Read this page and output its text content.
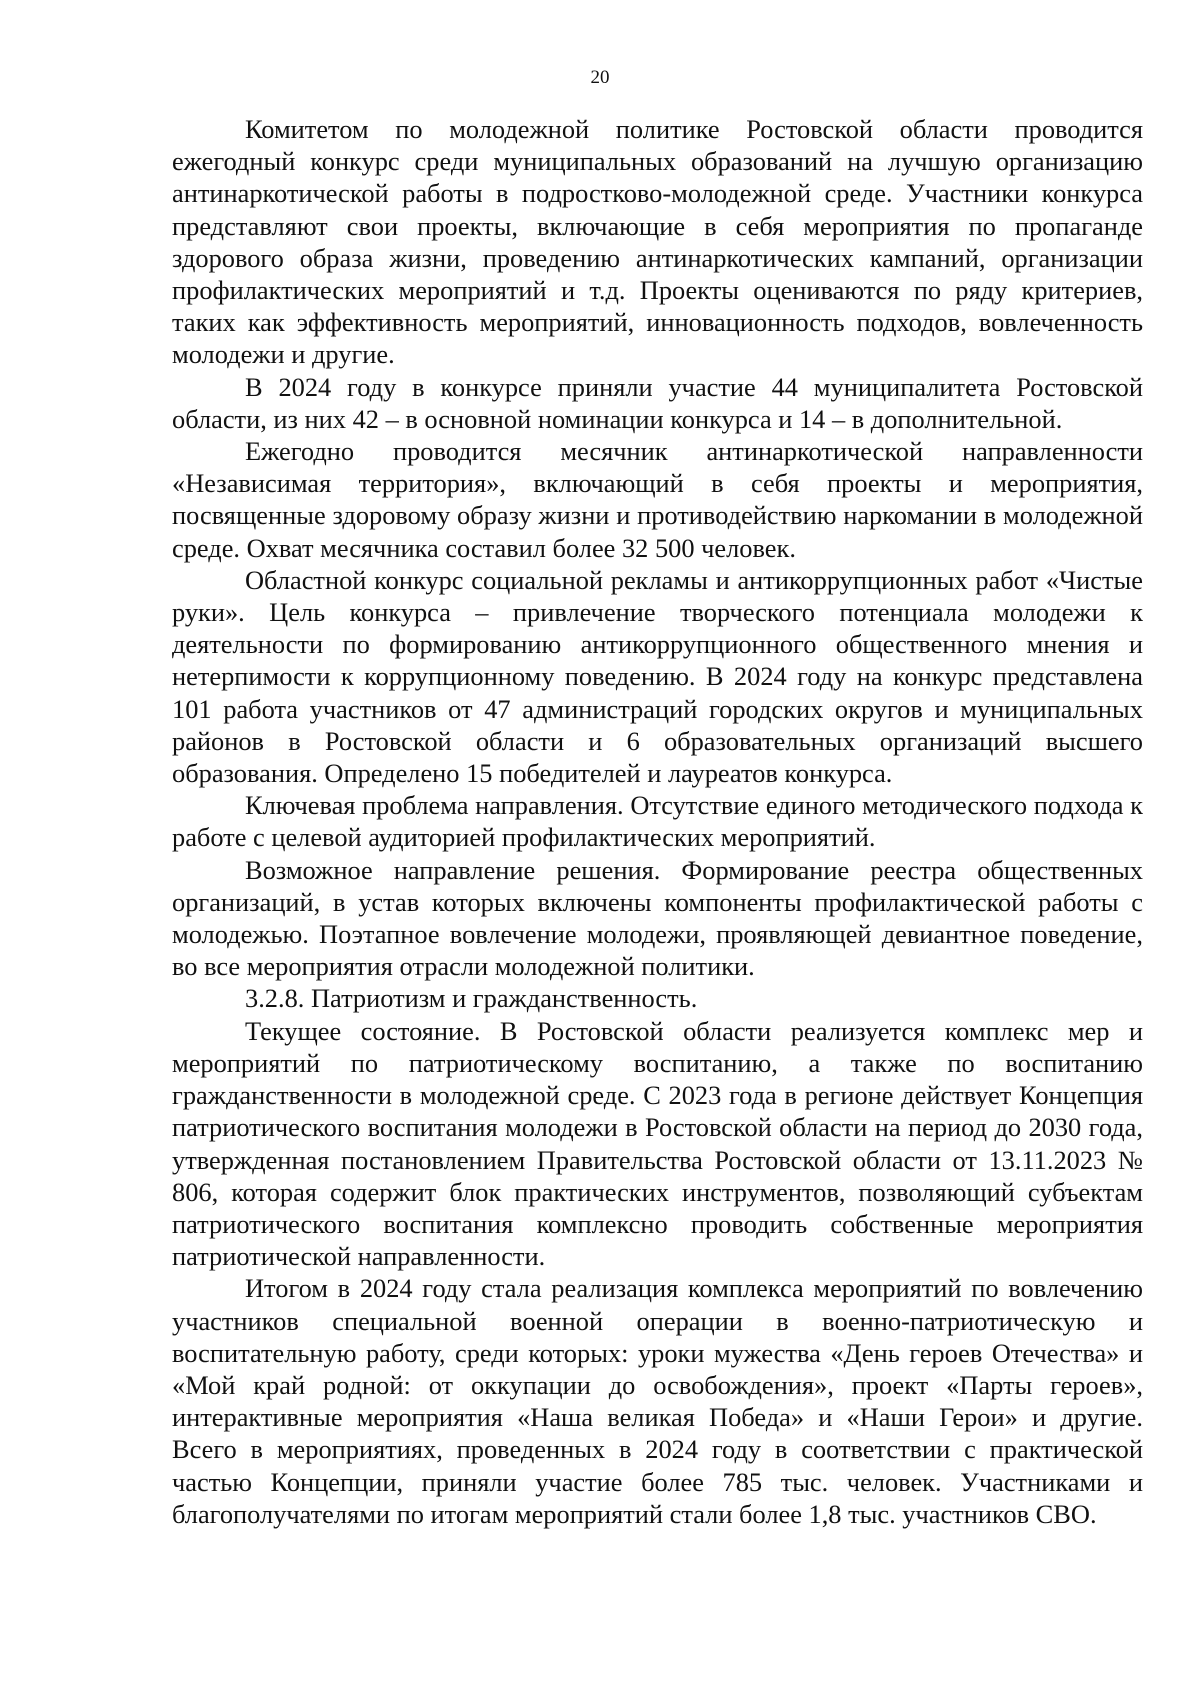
20

Комитетом по молодежной политике Ростовской области проводится ежегодный конкурс среди муниципальных образований на лучшую организацию антинаркотической работы в подростково-молодежной среде. Участники конкурса представляют свои проекты, включающие в себя мероприятия по пропаганде здорового образа жизни, проведению антинаркотических кампаний, организации профилактических мероприятий и т.д. Проекты оцениваются по ряду критериев, таких как эффективность мероприятий, инновационность подходов, вовлеченность молодежи и другие.

В 2024 году в конкурсе приняли участие 44 муниципалитета Ростовской области, из них 42 – в основной номинации конкурса и 14 – в дополнительной.

Ежегодно проводится месячник антинаркотической направленности «Независимая территория», включающий в себя проекты и мероприятия, посвященные здоровому образу жизни и противодействию наркомании в молодежной среде. Охват месячника составил более 32 500 человек.

Областной конкурс социальной рекламы и антикоррупционных работ «Чистые руки». Цель конкурса – привлечение творческого потенциала молодежи к деятельности по формированию антикоррупционного общественного мнения и нетерпимости к коррупционному поведению. В 2024 году на конкурс представлена 101 работа участников от 47 администраций городских округов и муниципальных районов в Ростовской области и 6 образовательных организаций высшего образования. Определено 15 победителей и лауреатов конкурса.

Ключевая проблема направления. Отсутствие единого методического подхода к работе с целевой аудиторией профилактических мероприятий.

Возможное направление решения. Формирование реестра общественных организаций, в устав которых включены компоненты профилактической работы с молодежью. Поэтапное вовлечение молодежи, проявляющей девиантное поведение, во все мероприятия отрасли молодежной политики.

3.2.8. Патриотизм и гражданственность.

Текущее состояние. В Ростовской области реализуется комплекс мер и мероприятий по патриотическому воспитанию, а также по воспитанию гражданственности в молодежной среде. С 2023 года в регионе действует Концепция патриотического воспитания молодежи в Ростовской области на период до 2030 года, утвержденная постановлением Правительства Ростовской области от 13.11.2023 № 806, которая содержит блок практических инструментов, позволяющий субъектам патриотического воспитания комплексно проводить собственные мероприятия патриотической направленности.

Итогом в 2024 году стала реализация комплекса мероприятий по вовлечению участников специальной военной операции в военно-патриотическую и воспитательную работу, среди которых: уроки мужества «День героев Отечества» и «Мой край родной: от оккупации до освобождения», проект «Парты героев», интерактивные мероприятия «Наша великая Победа» и «Наши Герои» и другие. Всего в мероприятиях, проведенных в 2024 году в соответствии с практической частью Концепции, приняли участие более 785 тыс. человек. Участниками и благополучателями по итогам мероприятий стали более 1,8 тыс. участников СВО.
